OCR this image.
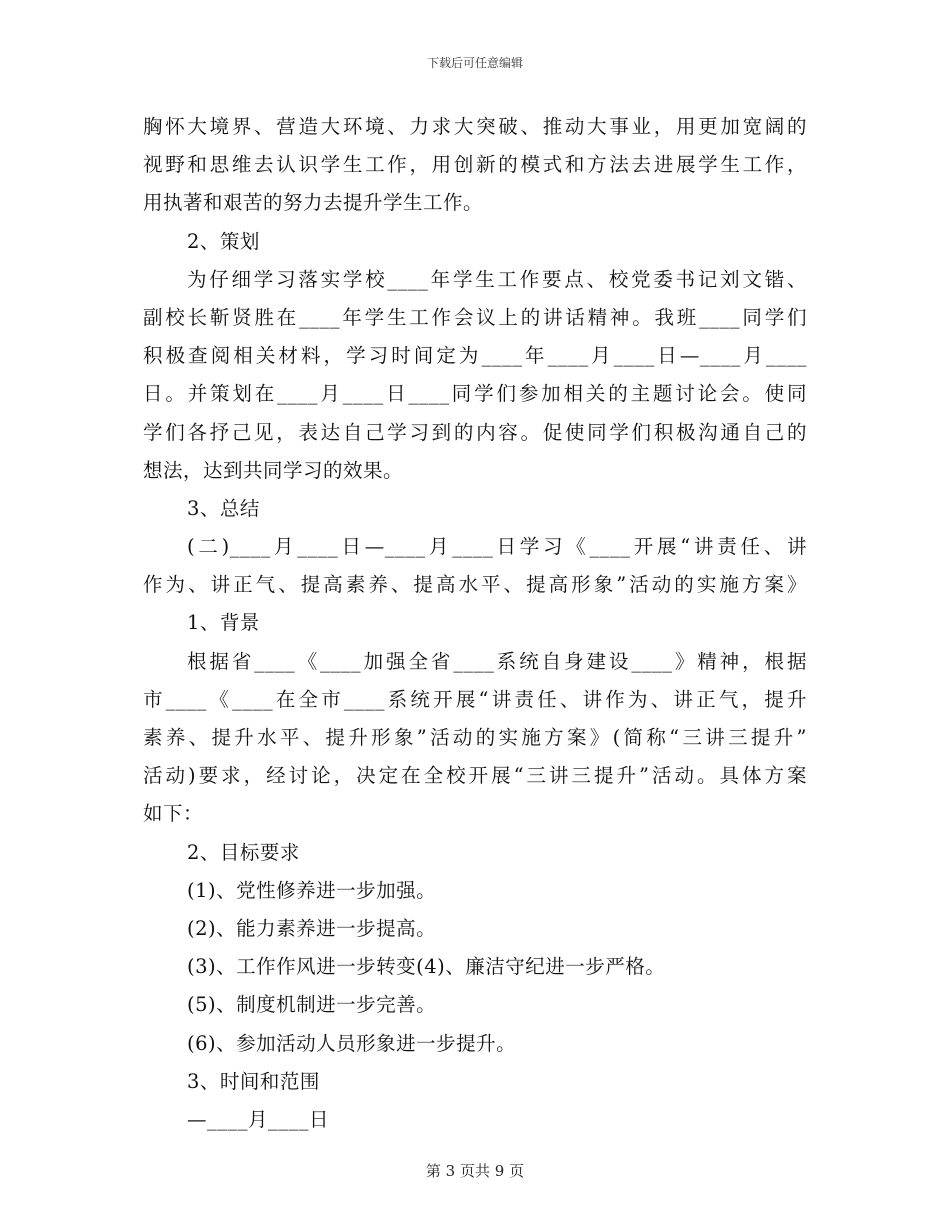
下载后可任意编辑
胸怀大境界、营造大环境、力求大突破、推动大事业，用更加宽阔的
视野和思维去认识学生工作，用创新的模式和方法去进展学生工作，
用执著和艰苦的努力去提升学生工作。
2、策划
为仔细学习落实学校____年学生工作要点、校党委书记刘文锴、
副校长靳贤胜在____年学生工作会议上的讲话精神。我班____同学们
积极查阅相关材料，学习时间定为____年____月____日—____月____
日。并策划在____月____日____同学们参加相关的主题讨论会。使同
学们各抒己见，表达自己学习到的内容。促使同学们积极沟通自己的
想法，达到共同学习的效果。
3、总结
(二)____月____日—____月____日学习《____开展“讲责任、讲
作为、讲正气、提高素养、提高水平、提高形象”活动的实施方案》
1、背景
根据省____《____加强全省____系统自身建设____》精神，根据
市____《____在全市____系统开展“讲责任、讲作为、讲正气，提升
素养、提升水平、提升形象”活动的实施方案》(简称“三讲三提升”
活动)要求，经讨论，决定在全校开展“三讲三提升”活动。具体方案
如下：
2、目标要求
(1)、党性修养进一步加强。
(2)、能力素养进一步提高。
(3)、工作作风进一步转变(4)、廉洁守纪进一步严格。
(5)、制度机制进一步完善。
(6)、参加活动人员形象进一步提升。
3、时间和范围
—____月____日
第 3 页共 9 页
